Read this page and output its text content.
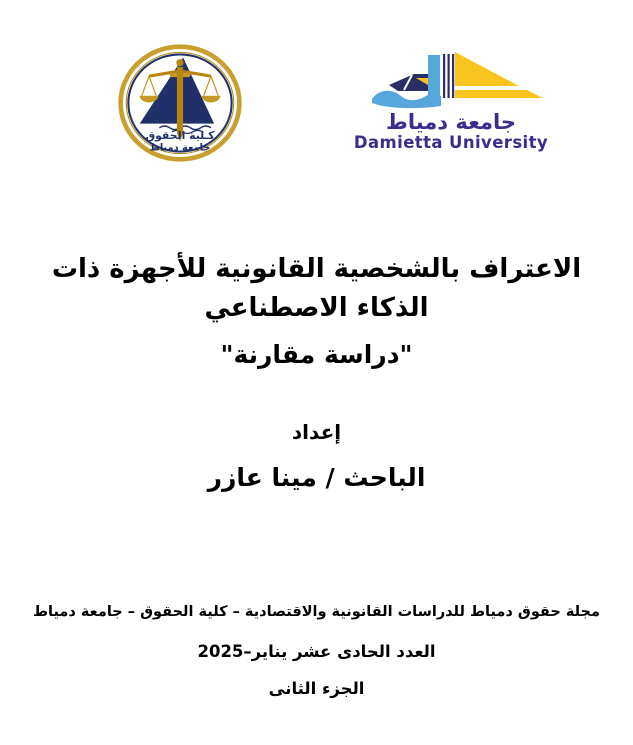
كـلية الحقوق
جامعة دمياط
جامعة دمياط
Damietta University
الاعتراف بالشخصية القانونية للأجهزة ذات
الذكاء الاصطناعي
"دراسة مقارنة"
إعداد
الباحث / مينا عازر
مجلة حقوق دمياط للدراسات القانونية والاقتصادية – كلية الحقوق – جامعة دمياط
العدد الحادى عشر يناير–2025
الجزء الثانى
